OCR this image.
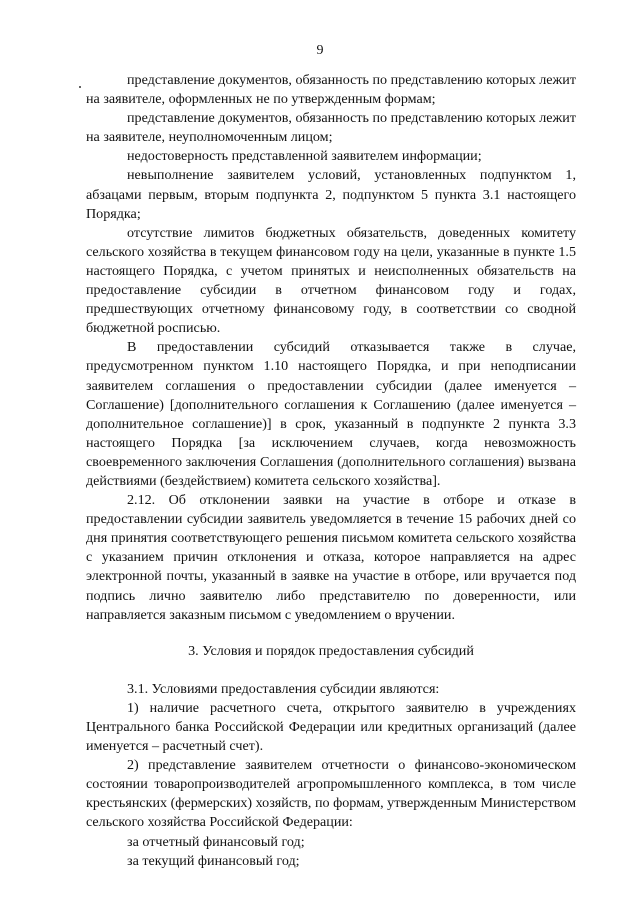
9

представление документов, обязанность по представлению которых лежит на заявителе, оформленных не по утвержденным формам;

представление документов, обязанность по представлению которых лежит на заявителе, неуполномоченным лицом;

недостоверность представленной заявителем информации;

невыполнение заявителем условий, установленных подпунктом 1, абзацами первым, вторым подпункта 2, подпунктом 5 пункта 3.1 настоящего Порядка;

отсутствие лимитов бюджетных обязательств, доведенных комитету сельского хозяйства в текущем финансовом году на цели, указанные в пункте 1.5 настоящего Порядка, с учетом принятых и неисполненных обязательств на предоставление субсидии в отчетном финансовом году и годах, предшествующих отчетному финансовому году, в соответствии со сводной бюджетной росписью.

В предоставлении субсидий отказывается также в случае, предусмотренном пунктом 1.10 настоящего Порядка, и при неподписании заявителем соглашения о предоставлении субсидии (далее именуется – Соглашение) [дополнительного соглашения к Соглашению (далее именуется – дополнительное соглашение)] в срок, указанный в подпункте 2 пункта 3.3 настоящего Порядка [за исключением случаев, когда невозможность своевременного заключения Соглашения (дополнительного соглашения) вызвана действиями (бездействием) комитета сельского хозяйства].

2.12. Об отклонении заявки на участие в отборе и отказе в предоставлении субсидии заявитель уведомляется в течение 15 рабочих дней со дня принятия соответствующего решения письмом комитета сельского хозяйства с указанием причин отклонения и отказа, которое направляется на адрес электронной почты, указанный в заявке на участие в отборе, или вручается под подпись лично заявителю либо представителю по доверенности, или направляется заказным письмом с уведомлением о вручении.

3. Условия и порядок предоставления субсидий

3.1. Условиями предоставления субсидии являются:

1) наличие расчетного счета, открытого заявителю в учреждениях Центрального банка Российской Федерации или кредитных организаций (далее именуется – расчетный счет).

2) представление заявителем отчетности о финансово-экономическом состоянии товаропроизводителей агропромышленного комплекса, в том числе крестьянских (фермерских) хозяйств, по формам, утвержденным Министерством сельского хозяйства Российской Федерации:

за отчетный финансовый год;

за текущий финансовый год;
